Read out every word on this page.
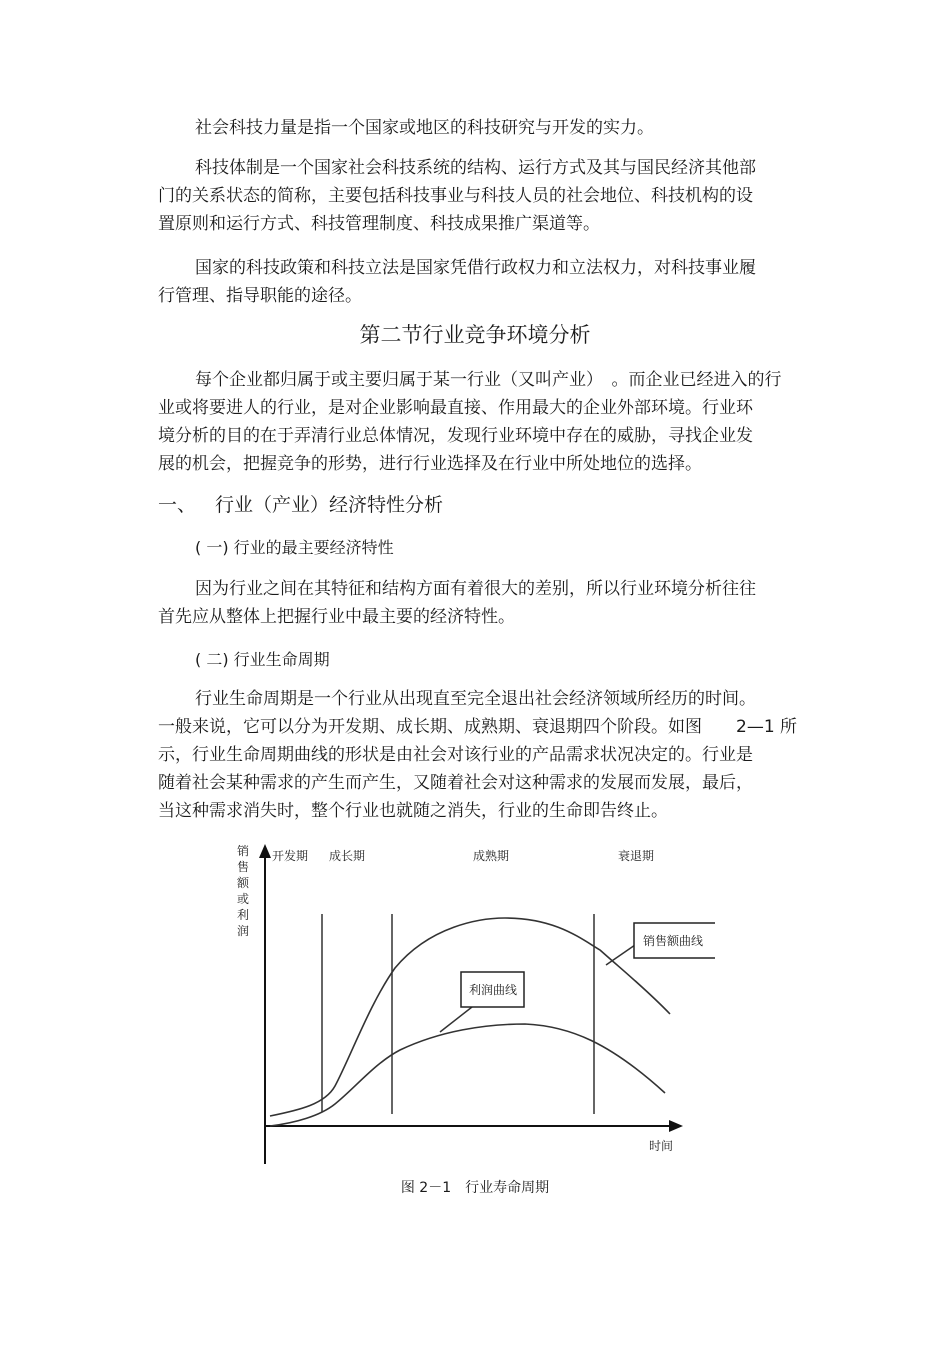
社会科技力量是指一个国家或地区的科技研究与开发的实力。
科技体制是一个国家社会科技系统的结构、运行方式及其与国民经济其他部
门的关系状态的简称，主要包括科技事业与科技人员的社会地位、科技机构的设
置原则和运行方式、科技管理制度、科技成果推广渠道等。
国家的科技政策和科技立法是国家凭借行政权力和立法权力，对科技事业履
行管理、指导职能的途径。
第二节行业竞争环境分析
每个企业都归属于或主要归属于某一行业（又叫产业）　。而企业已经进入的行
业或将要进人的行业，是对企业影响最直接、作用最大的企业外部环境。行业环
境分析的目的在于弄清行业总体情况，发现行业环境中存在的威胁，寻找企业发
展的机会，把握竞争的形势，进行行业选择及在行业中所处地位的选择。
一、 行业（产业）经济特性分析
( 一) 行业的最主要经济特性
因为行业之间在其特征和结构方面有着很大的差别，所以行业环境分析往往
首先应从整体上把握行业中最主要的经济特性。
( 二) 行业生命周期
行业生命周期是一个行业从出现直至完全退出社会经济领域所经历的时间。
一般来说，它可以分为开发期、成长期、成熟期、衰退期四个阶段。如图　　2—1 所
示，行业生命周期曲线的形状是由社会对该行业的产品需求状况决定的。行业是
随着社会某种需求的产生而产生，又随着社会对这种需求的发展而发展，最后，
当这种需求消失时，整个行业也就随之消失，行业的生命即告终止。
销
售
额
或
利
润
开发期 成长期	成熟期	衰退期
时间
销售额曲线
利润曲线
图 2－1　行业寿命周期
